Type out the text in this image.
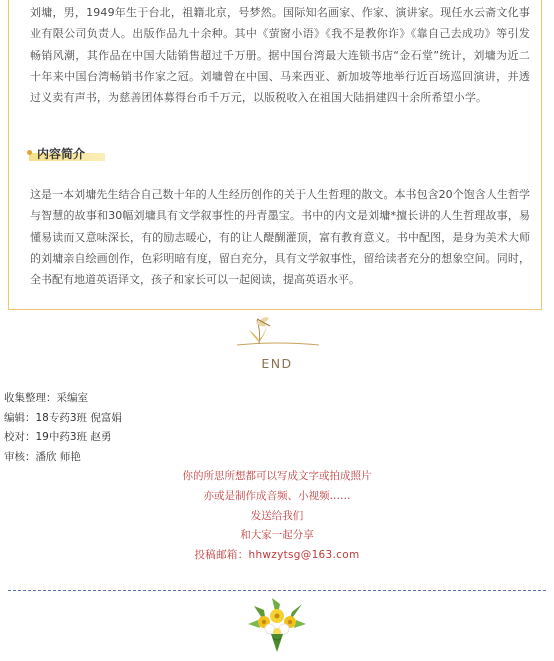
刘墉，男，1949年生于台北，祖籍北京，号梦然。国际知名画家、作家、演讲家。现任水云斋文化事业有限公司负责人。出版作品九十余种。其中《萤窗小语》《我不是教你诈》《靠自己去成功》等引发畅销风潮，其作品在中国大陆销售超过千万册。据中国台湾最大连锁书店“金石堂”统计，刘墉为近二十年来中国台湾畅销书作家之冠。刘墉曾在中国、马来西亚、新加坡等地举行近百场巡回演讲，并透过义卖有声书，为慈善团体募得台币千万元，以版税收入在祖国大陆捐建四十余所希望小学。

内容简介

这是一本刘墉先生结合自己数十年的人生经历创作的关于人生哲理的散文。本书包含20个饱含人生哲学与智慧的故事和30幅刘墉具有文学叙事性的丹青墨宝。书中的内文是刘墉*擅长讲的人生哲理故事，易懂易读而又意味深长，有的励志暖心，有的让人醍醐灌顶，富有教育意义。书中配图，是身为美术大师的刘墉亲自绘画创作，色彩明暗有度，留白充分，具有文学叙事性，留给读者充分的想象空间。同时，全书配有地道英语译文，孩子和家长可以一起阅读，提高英语水平。

END
收集整理：采编室
编辑：18专药3班 倪富娟
校对：19中药3班 赵勇
审核：潘欣 师艳
你的所思所想都可以写成文字或拍成照片
亦或是制作成音频、小视频……
发送给我们
和大家一起分享
投稿邮箱：hhwzytsg@163.com
